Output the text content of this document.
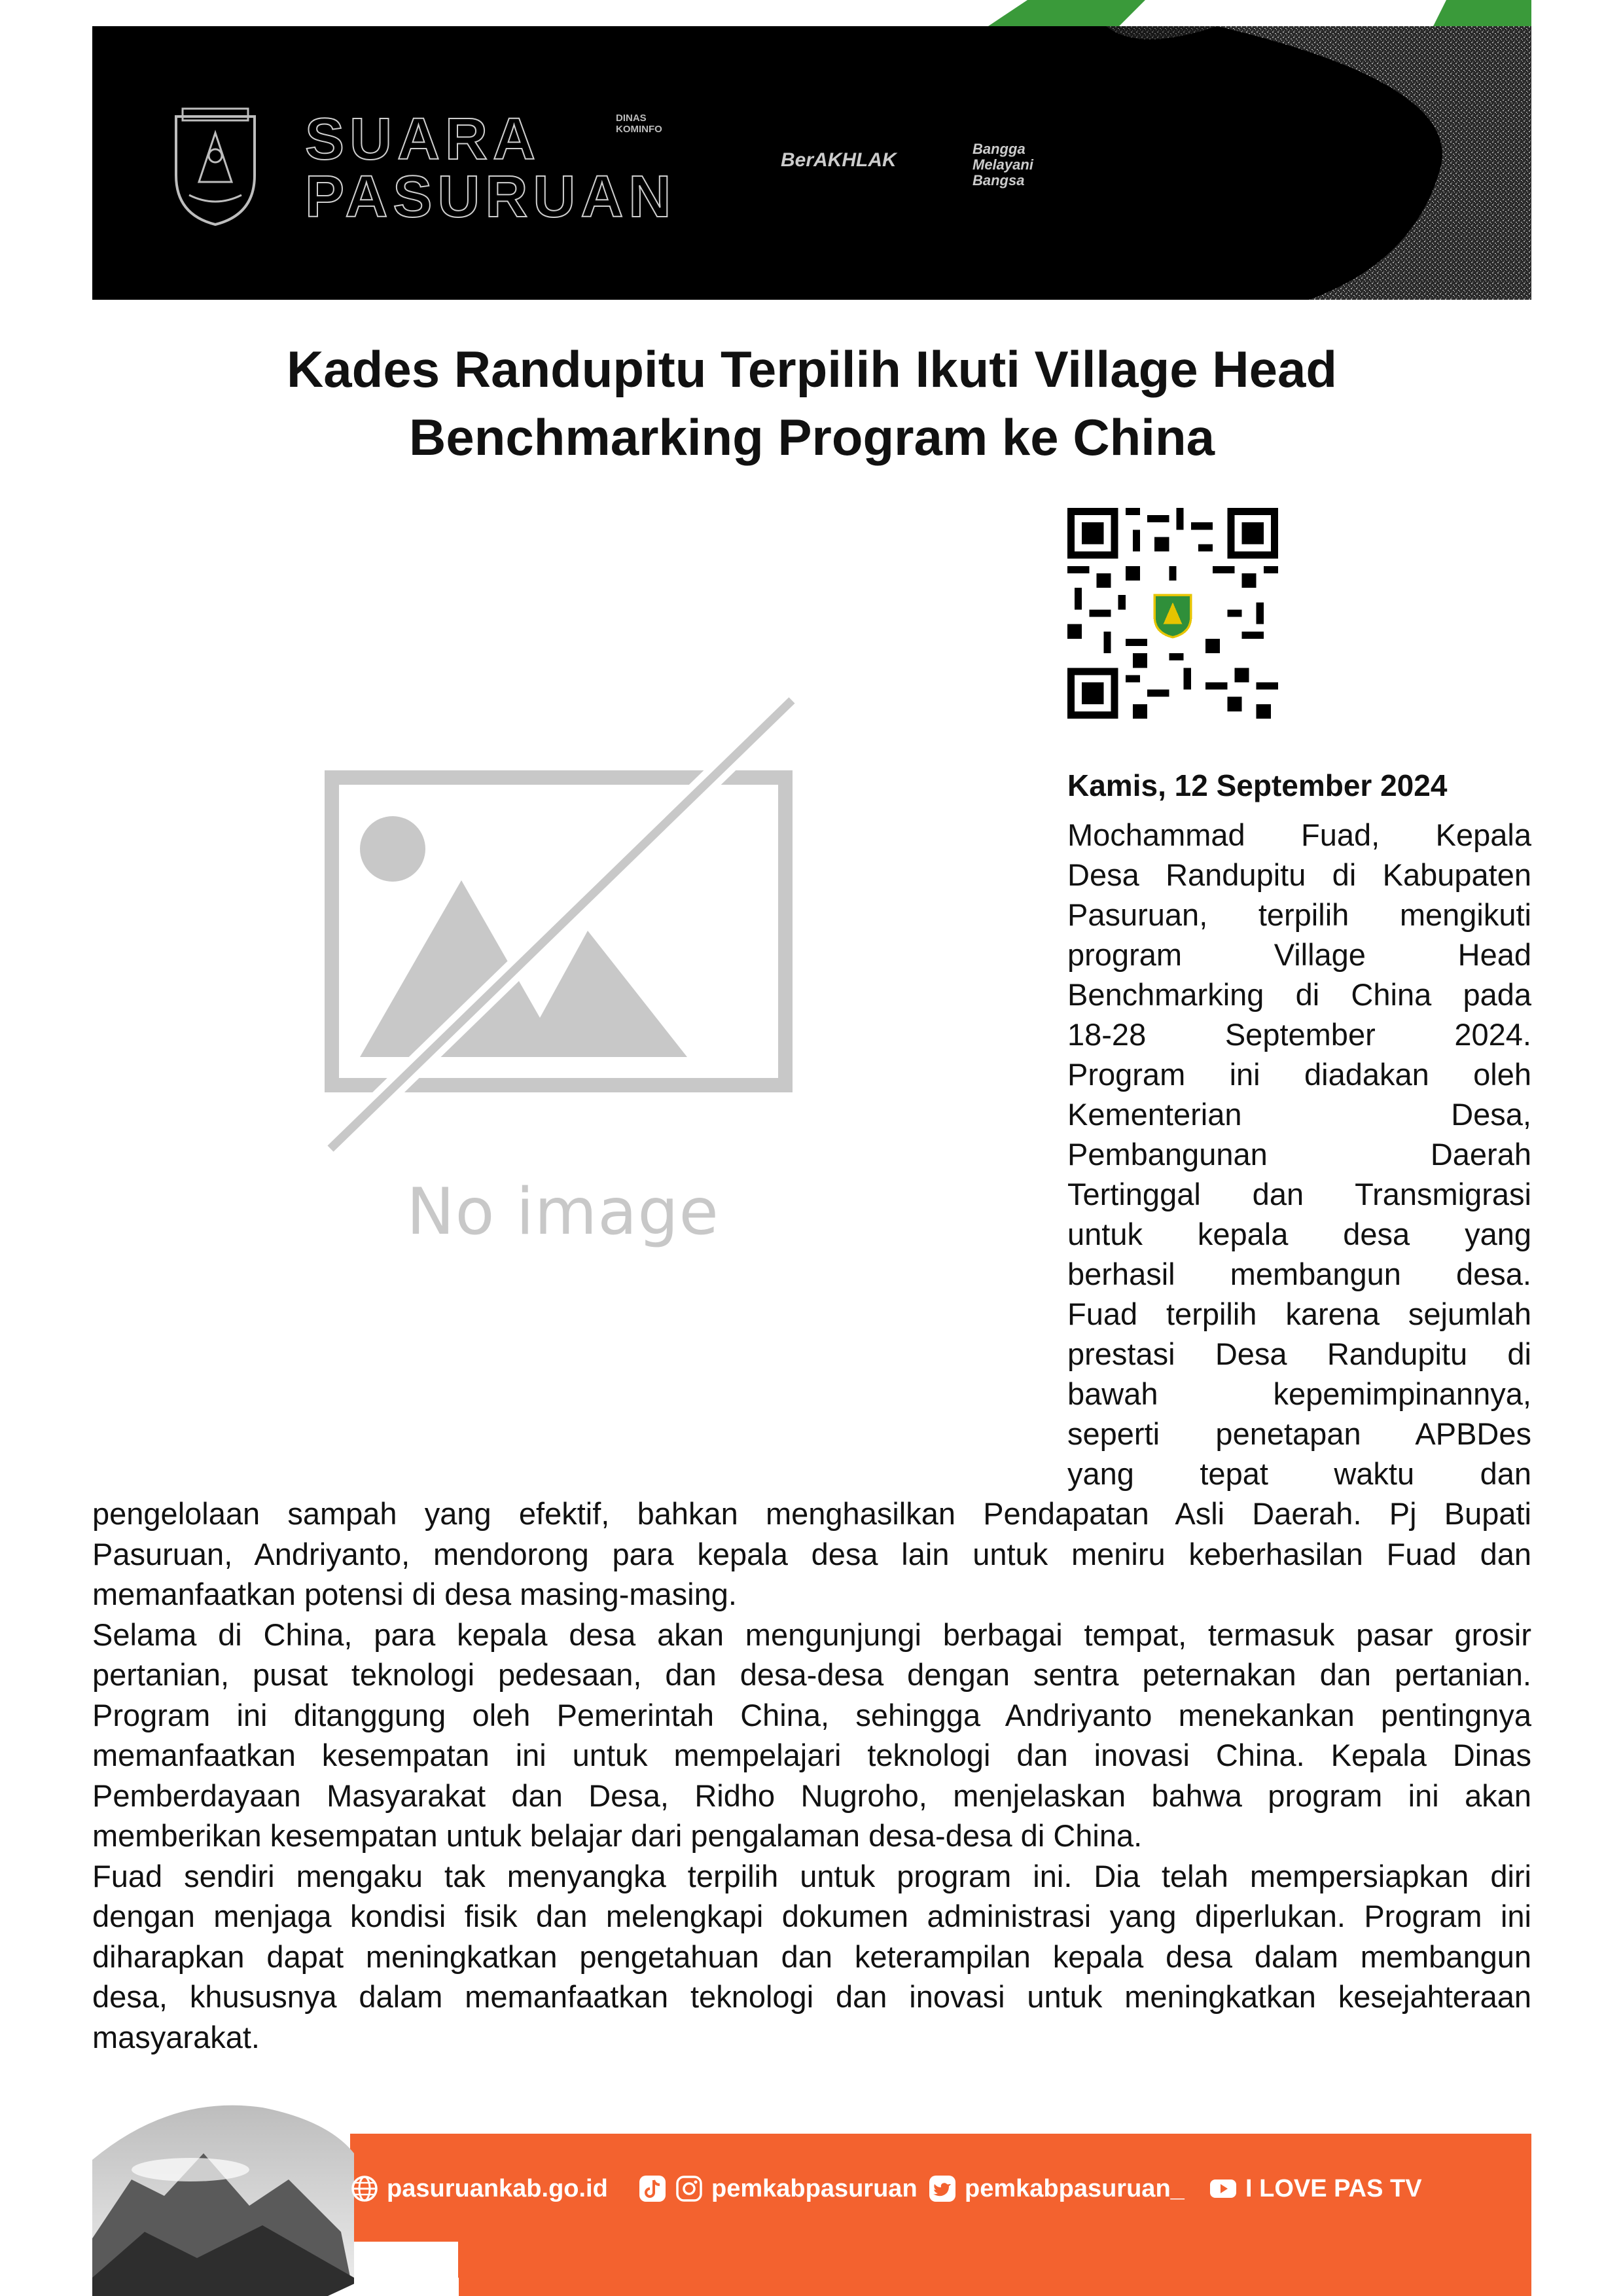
SUARA
PASURUAN
DINAS KOMINFO
BerAKHLAK
Bangga Melayani Bangsa
Kades Randupitu Terpilih Ikuti Village Head
Benchmarking Program ke China
No image
Kamis, 12 September 2024
Mochammad Fuad, Kepala
Desa Randupitu di Kabupaten
Pasuruan, terpilih mengikuti
program Village Head
Benchmarking di China pada
18-28 September 2024.
Program ini diadakan oleh
Kementerian Desa,
Pembangunan Daerah
Tertinggal dan Transmigrasi
untuk kepala desa yang
berhasil membangun desa.
Fuad terpilih karena sejumlah
prestasi Desa Randupitu di
bawah kepemimpinannya,
seperti penetapan APBDes
yang tepat waktu dan
pengelolaan sampah yang efektif, bahkan menghasilkan Pendapatan Asli Daerah. Pj Bupati
Pasuruan, Andriyanto, mendorong para kepala desa lain untuk meniru keberhasilan Fuad dan
memanfaatkan potensi di desa masing-masing.
Selama di China, para kepala desa akan mengunjungi berbagai tempat, termasuk pasar grosir
pertanian, pusat teknologi pedesaan, dan desa-desa dengan sentra peternakan dan pertanian.
Program ini ditanggung oleh Pemerintah China, sehingga Andriyanto menekankan pentingnya
memanfaatkan kesempatan ini untuk mempelajari teknologi dan inovasi China. Kepala Dinas
Pemberdayaan Masyarakat dan Desa, Ridho Nugroho, menjelaskan bahwa program ini akan
memberikan kesempatan untuk belajar dari pengalaman desa-desa di China.
Fuad sendiri mengaku tak menyangka terpilih untuk program ini. Dia telah mempersiapkan diri
dengan menjaga kondisi fisik dan melengkapi dokumen administrasi yang diperlukan. Program ini
diharapkan dapat meningkatkan pengetahuan dan keterampilan kepala desa dalam membangun
desa, khususnya dalam memanfaatkan teknologi dan inovasi untuk meningkatkan kesejahteraan
masyarakat.
pasuruankab.go.id	pemkabpasuruan pemkabpasuruan_ I LOVE PAS TV
